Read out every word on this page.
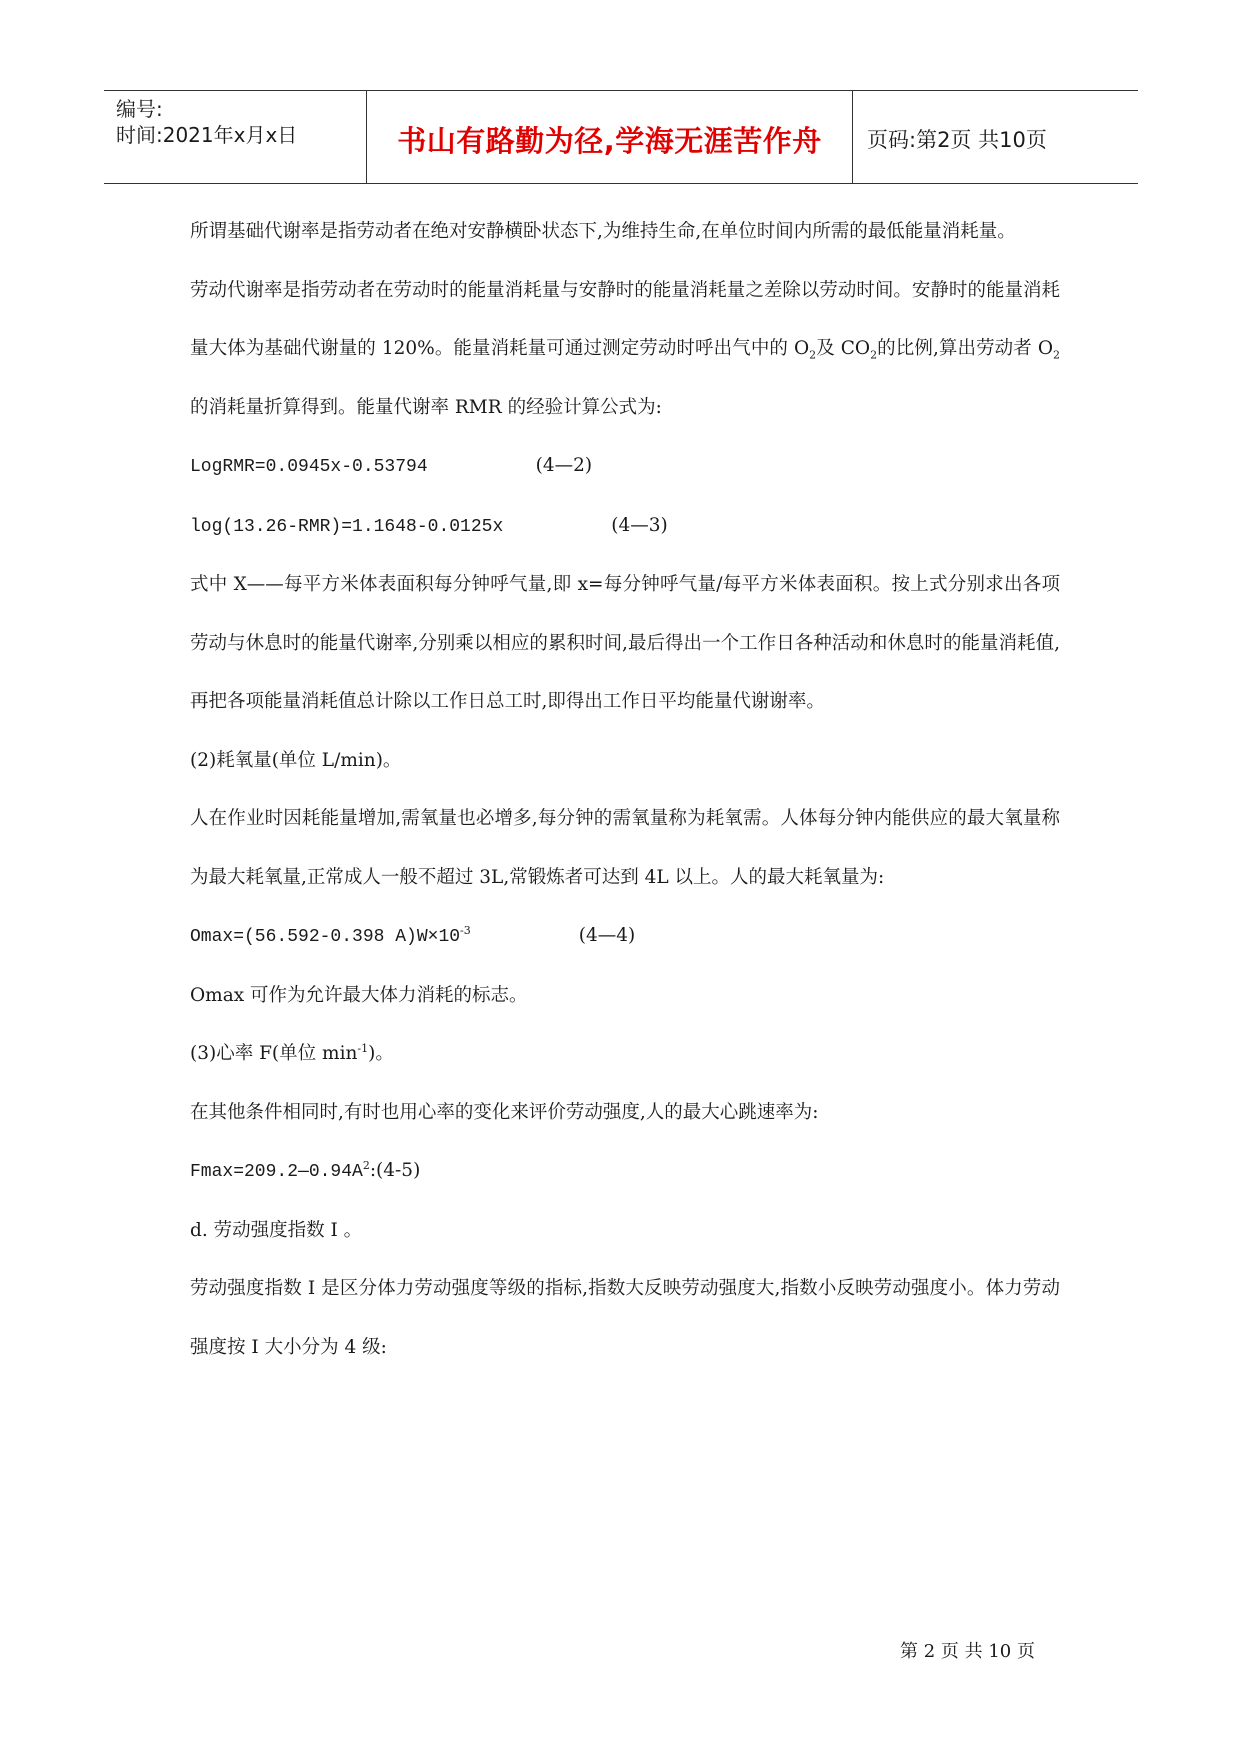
编号:
时间:2021年x月x日	书山有路勤为径,学海无涯苦作舟	页码:第2页 共10页

所谓基础代谢率是指劳动者在绝对安静横卧状态下,为维持生命,在单位时间内所需的最低能量消耗量。

劳动代谢率是指劳动者在劳动时的能量消耗量与安静时的能量消耗量之差除以劳动时间。安静时的能量消耗量大体为基础代谢量的 120%。能量消耗量可通过测定劳动时呼出气中的 $O_2$及 $CO_2$的比例,算出劳动者 $O_2$的消耗量折算得到。能量代谢率 RMR 的经验计算公式为:

LogRMR=0.0945x-0.53794	(4—2)

log(13.26-RMR)=1.1648-0.0125x	(4—3)

式中 X——每平方米体表面积每分钟呼气量,即 x=每分钟呼气量/每平方米体表面积。按上式分别求出各项劳动与休息时的能量代谢率,分别乘以相应的累积时间,最后得出一个工作日各种活动和休息时的能量消耗值,再把各项能量消耗值总计除以工作日总工时,即得出工作日平均能量代谢谢率。

(2)耗氧量(单位 L/min)。

人在作业时因耗能量增加,需氧量也必增多,每分钟的需氧量称为耗氧需。人体每分钟内能供应的最大氧量称为最大耗氧量,正常成人一般不超过 3L,常锻炼者可达到 4L 以上。人的最大耗氧量为:

Omax=(56.592-0.398 $A)W\times 10^{-3}$	(4—4)

Omax 可作为允许最大体力消耗的标志。

(3)心率 F(单位 $\min^{-1}$)。

在其他条件相同时,有时也用心率的变化来评价劳动强度,人的最大心跳速率为:

$Fmax=209.2—0.94A^2:(4-5)$

d. 劳动强度指数 I 。

劳动强度指数 I 是区分体力劳动强度等级的指标,指数大反映劳动强度大,指数小反映劳动强度小。体力劳动强度按 I 大小分为 4 级:

第 2 页 共 10 页
